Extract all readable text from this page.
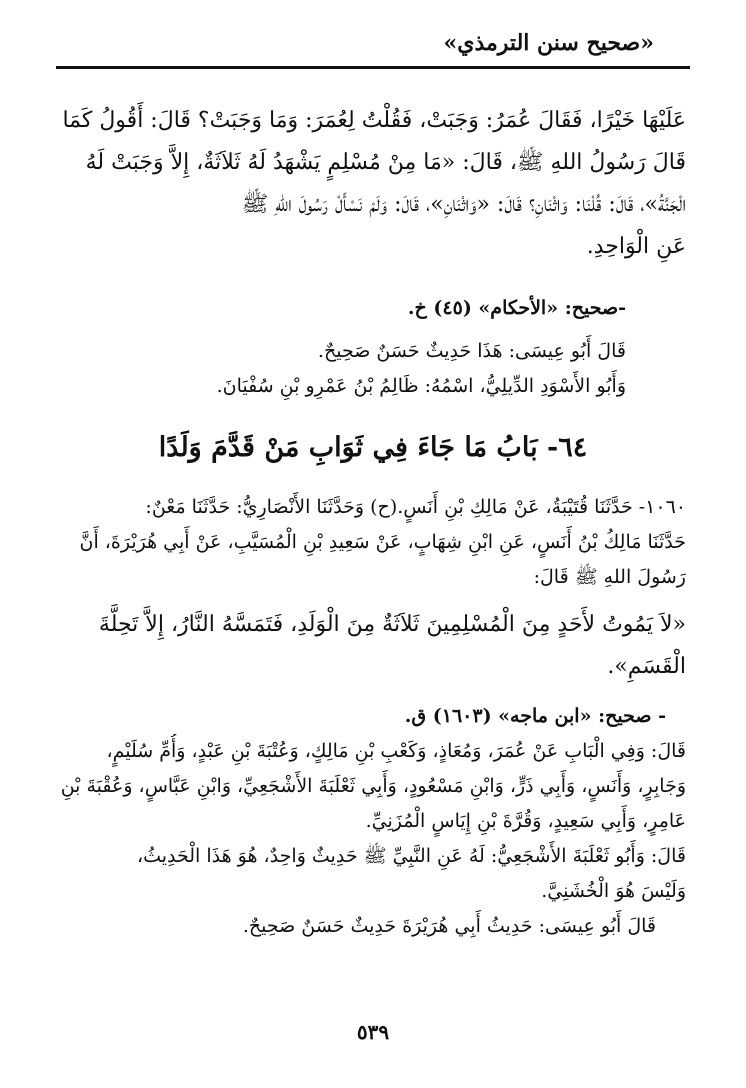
«صحيح سنن الترمذي»
عَلَيْهَا خَيْرًا، فَقَالَ عُمَرُ: وَجَبَتْ، فَقُلْتُ لِعُمَرَ: وَمَا وَجَبَتْ؟ قَالَ: أَقُولُ كَمَا
قَالَ رَسُولُ اللهِ ﷺ، قَالَ: «مَا مِنْ مُسْلِمٍ يَشْهَدُ لَهُ ثَلاَثَةٌ، إِلاَّ وَجَبَتْ لَهُ
الْجَنَّةُ»، قَالَ: قُلْنَا: وَاثْنَانِ؟ قَالَ: «وَاثْنَانِ»، قَالَ: وَلَمْ نَسْأَلْ رَسُولَ اللهِ ﷺ
عَنِ الْوَاحِدِ.
-صحيح: «الأحكام» (٤٥) خ.
قَالَ أَبُو عِيسَى: هَذَا حَدِيثٌ حَسَنٌ صَحِيحٌ.
وَأَبُو الأَسْوَدِ الدِّيلِيُّ، اسْمُهُ: ظَالِمُ بْنُ عَمْرِو بْنِ سُفْيَانَ.
٦٤- بَابُ مَا جَاءَ فِي ثَوَابِ مَنْ قَدَّمَ وَلَدًا
١٠٦٠- حَدَّثَنَا قُتَيْبَةُ، عَنْ مَالِكِ بْنِ أَنَسٍ.(ح) وَحَدَّثَنَا الأَنْصَارِيُّ: حَدَّثَنَا مَعْنٌ:
حَدَّثَنَا مَالِكُ بْنُ أَنَسٍ، عَنِ ابْنِ شِهَابٍ، عَنْ سَعِيدِ بْنِ الْمُسَيَّبِ، عَنْ أَبِي هُرَيْرَةَ، أَنَّ
رَسُولَ اللهِ ﷺ قَالَ:
«لاَ يَمُوتُ لأَحَدٍ مِنَ الْمُسْلِمِينَ ثَلاَثَةٌ مِنَ الْوَلَدِ، فَتَمَسَّهُ النَّارُ، إِلاَّ تَحِلَّةَ
الْقَسَمِ».
- صحيح: «ابن ماجه» (١٦٠٣) ق.
قَالَ: وَفِي الْبَابِ عَنْ عُمَرَ، وَمُعَاذٍ، وَكَعْبِ بْنِ مَالِكٍ، وَعُتْبَةَ بْنِ عَبْدٍ، وَأُمِّ سُلَيْمٍ،
وَجَابِرٍ، وَأَنَسٍ، وَأَبِي ذَرٍّ، وَابْنِ مَسْعُودٍ، وَأَبِي ثَعْلَبَةَ الأَشْجَعِيِّ، وَابْنِ عَبَّاسٍ، وَعُقْبَةَ بْنِ
عَامِرٍ، وَأَبِي سَعِيدٍ، وَقُرَّةَ بْنِ إِيَاسٍ الْمُزَنِيِّ.
قَالَ: وَأَبُو ثَعْلَبَةَ الأَشْجَعِيُّ: لَهُ عَنِ النَّبِيِّ ﷺ حَدِيثٌ وَاحِدٌ، هُوَ هَذَا الْحَدِيثُ،
وَلَيْسَ هُوَ الْخُشَنِيَّ.
قَالَ أَبُو عِيسَى: حَدِيثُ أَبِي هُرَيْرَةَ حَدِيثٌ حَسَنٌ صَحِيحٌ.
٥٣٩
